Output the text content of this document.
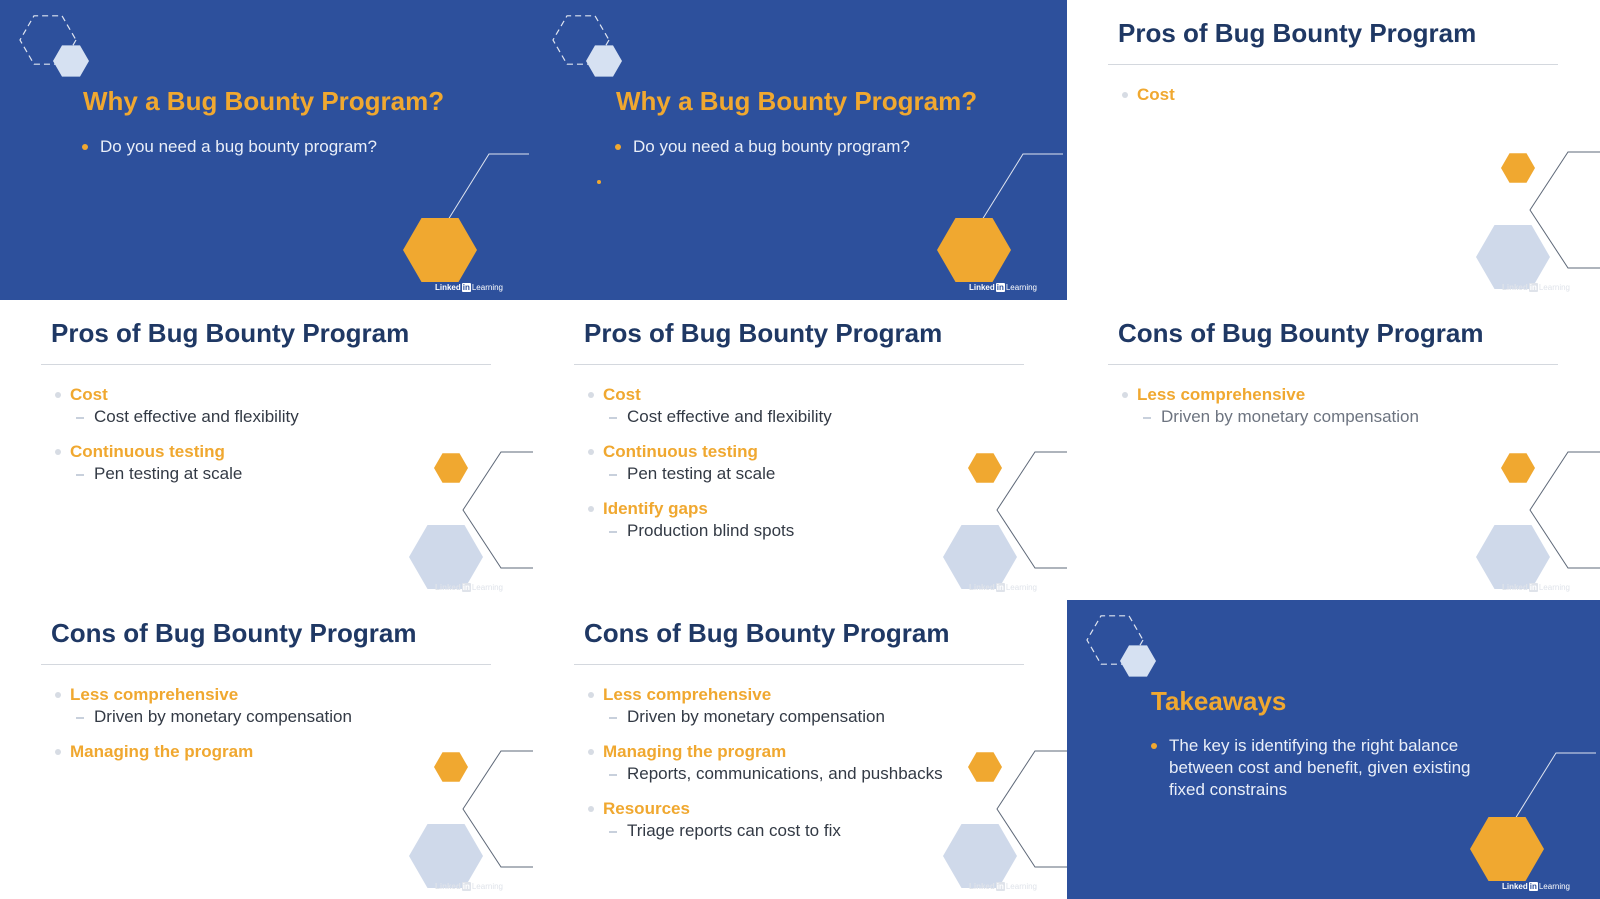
Why a Bug Bounty Program?
Do you need a bug bounty program?
Linked in Learning
Why a Bug Bounty Program?
Do you need a bug bounty program?
Linked in Learning
Pros of Bug Bounty Program
Cost
Linked in Learning
Pros of Bug Bounty Program
Cost
Cost effective and flexibility
Continuous testing
Pen testing at scale
Linked in Learning
Pros of Bug Bounty Program
Cost
Cost effective and flexibility
Continuous testing
Pen testing at scale
Identify gaps
Production blind spots
Linked in Learning
Cons of Bug Bounty Program
Less comprehensive
Driven by monetary compensation
Linked in Learning
Cons of Bug Bounty Program
Less comprehensive
Driven by monetary compensation
Managing the program
Linked in Learning
Cons of Bug Bounty Program
Less comprehensive
Driven by monetary compensation
Managing the program
Reports, communications, and pushbacks
Resources
Triage reports can cost to fix
Linked in Learning
Takeaways
The key is identifying the right balance between cost and benefit, given existing fixed constrains
Linked in Learning
